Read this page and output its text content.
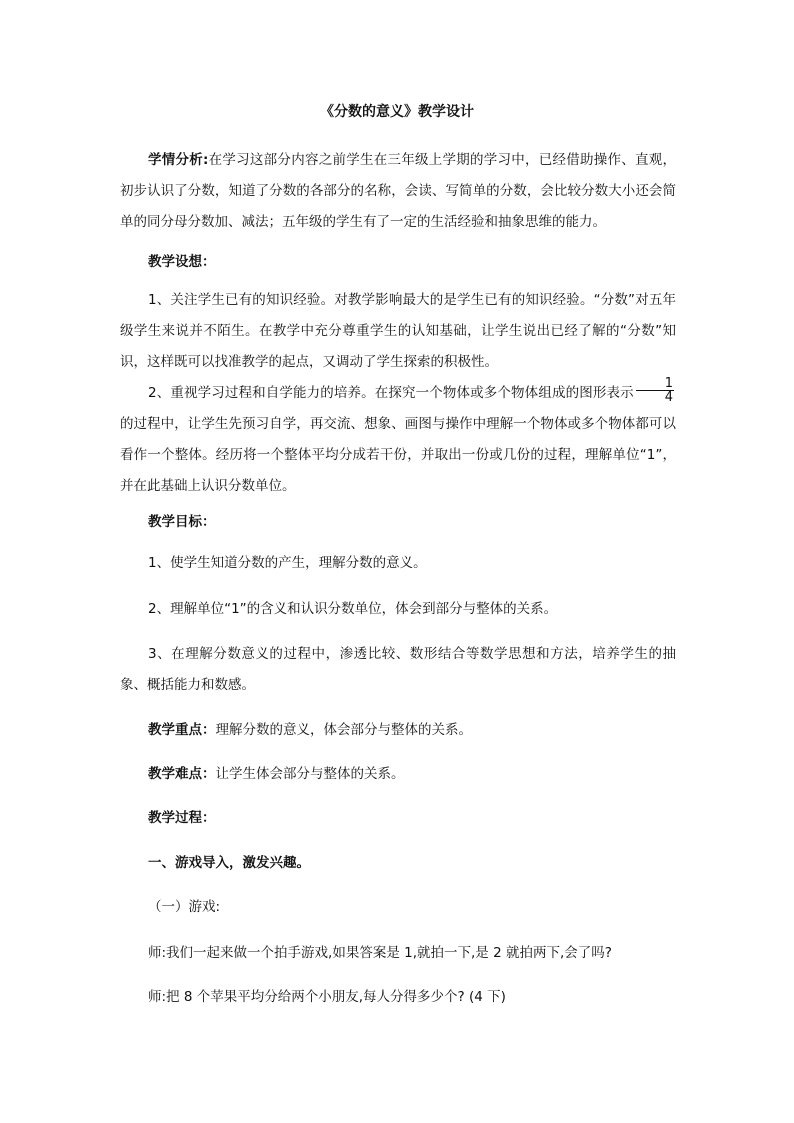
《分数的意义》教学设计

学情分析:在学习这部分内容之前学生在三年级上学期的学习中，已经借助操作、直观，初步认识了分数，知道了分数的各部分的名称，会读、写简单的分数，会比较分数大小还会简单的同分母分数加、减法；五年级的学生有了一定的生活经验和抽象思维的能力。

教学设想：

1、关注学生已有的知识经验。对教学影响最大的是学生已有的知识经验。“分数”对五年级学生来说并不陌生。在教学中充分尊重学生的认知基础，让学生说出已经了解的“分数”知识，这样既可以找准教学的起点，又调动了学生探索的积极性。

2、重视学习过程和自学能力的培养。在探究一个物体或多个物体组成的图形表示 $\frac{1}{4}$
的过程中，让学生先预习自学，再交流、想象、画图与操作中理解一个物体或多个物体都可以看作一个整体。经历将一个整体平均分成若干份，并取出一份或几份的过程，理解单位“1”，并在此基础上认识分数单位。

教学目标：

1、使学生知道分数的产生，理解分数的意义。

2、理解单位“1”的含义和认识分数单位，体会到部分与整体的关系。

3、在理解分数意义的过程中，渗透比较、数形结合等数学思想和方法，培养学生的抽象、概括能力和数感。

教学重点：理解分数的意义，体会部分与整体的关系。

教学难点：让学生体会部分与整体的关系。

教学过程：

一、游戏导入，激发兴趣。

（一）游戏:

师:我们一起来做一个拍手游戏,如果答案是 1,就拍一下,是 2 就拍两下,会了吗?

师:把 8 个苹果平均分给两个小朋友,每人分得多少个? (4 下)
